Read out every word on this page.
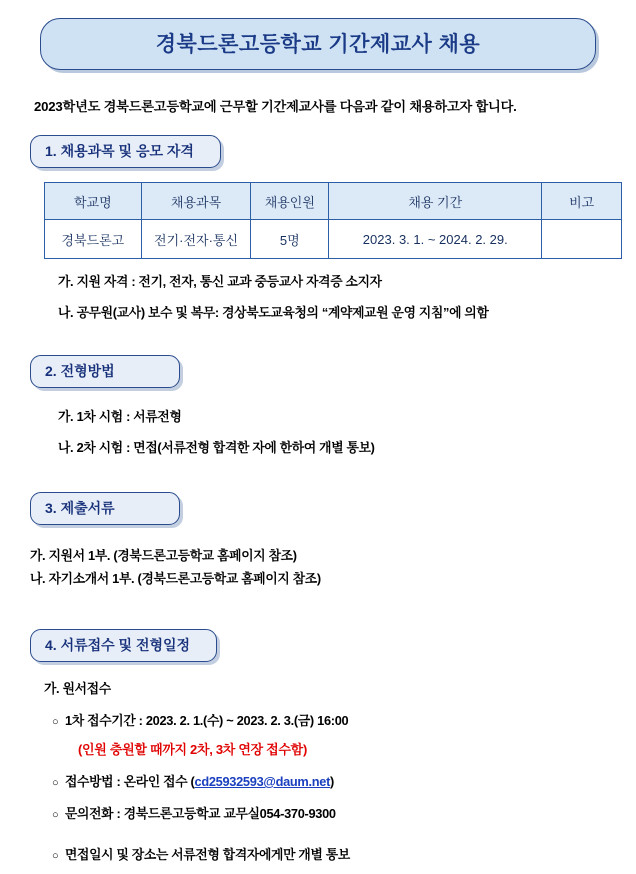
경북드론고등학교 기간제교사 채용
2023학년도 경북드론고등학교에 근무할 기간제교사를 다음과 같이 채용하고자 합니다.
1. 채용과목 및 응모 자격
학교명	채용과목	채용인원	채용 기간	비고
경북드론고	전기·전자·통신	5명	2023. 3. 1. ~ 2024. 2. 29.	
가. 지원 자격 : 전기, 전자, 통신 교과 중등교사 자격증 소지자
나. 공무원(교사) 보수 및 복무: 경상북도교육청의 “계약제교원 운영 지침”에 의함
2. 전형방법
가. 1차 시험 : 서류전형
나. 2차 시험 : 면접(서류전형 합격한 자에 한하여 개별 통보)
3. 제출서류
가. 지원서 1부. (경북드론고등학교 홈페이지 참조)
나. 자기소개서 1부. (경북드론고등학교 홈페이지 참조)
4. 서류접수 및 전형일정
가. 원서접수
○ 1차 접수기간 : 2023. 2. 1.(수) ~ 2023. 2. 3.(금) 16:00
(인원 충원할 때까지 2차, 3차 연장 접수함)
○ 접수방법 : 온라인 접수 ( cd25932593@daum.net )
○ 문의전화 : 경북드론고등학교 교무실 054-370-9300
○ 면접일시 및 장소는 서류전형 합격자에게만 개별 통보
